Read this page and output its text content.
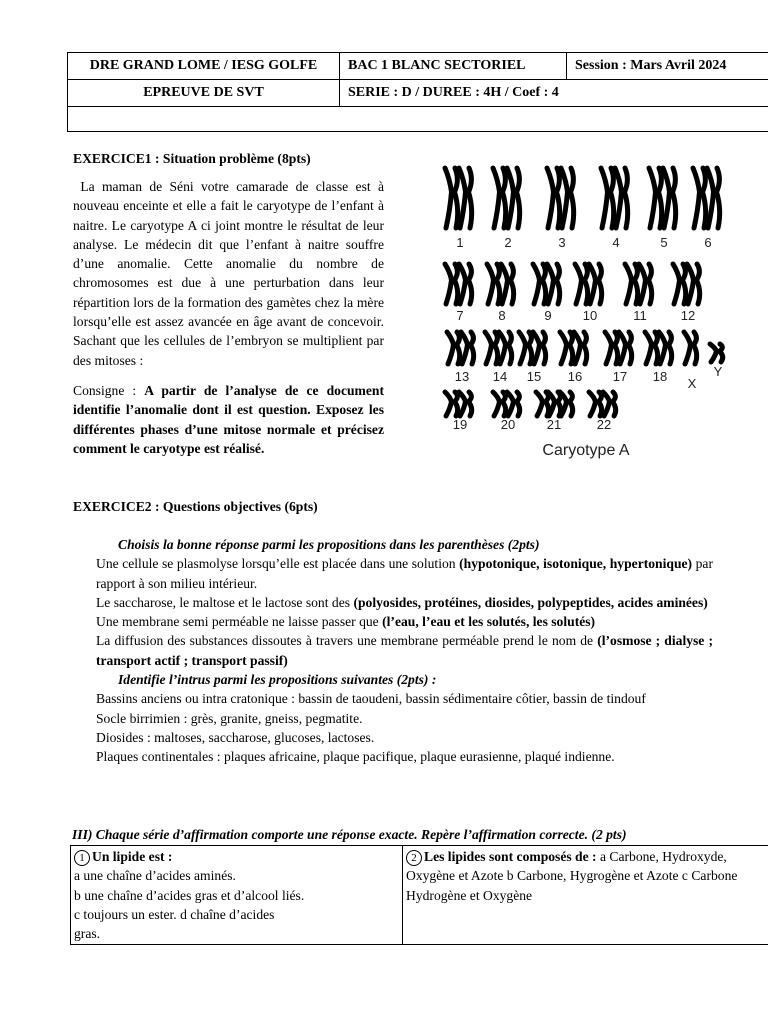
DRE GRAND LOME / IESG GOLFE	BAC 1 BLANC SECTORIEL	Session : Mars Avril 2024
EPREUVE DE SVT	SERIE : D / DUREE : 4H / Coef : 4	

EXERCICE1 : Situation problème (8pts)
La maman de Séni votre camarade de classe est à nouveau enceinte et elle a fait le caryotype de l’enfant à naitre. Le caryotype A ci joint montre le résultat de leur analyse. Le médecin dit que l’enfant à naitre souffre d’une anomalie. Cette anomalie du nombre de chromosomes est due à une perturbation dans leur répartition lors de la formation des gamètes chez la mère lorsqu’elle est assez avancée en âge avant de concevoir. Sachant que les cellules de l’embryon se multiplient par des mitoses :
Consigne : A partir de l’analyse de ce document identifie l’anomalie dont il est question. Exposez les différentes phases d’une mitose normale et précisez comment le caryotype est réalisé.
1	2	3	4	5	6
7	8	9 10	11	12
13 14 15 16 17 18 X
Y
19	20 21	22
Caryotype A
EXERCICE2 : Questions objectives (6pts)

Choisis la bonne réponse parmi les propositions dans les parenthèses (2pts)

Une cellule se plasmolyse lorsqu’elle est placée dans une solution (hypotonique, isotonique, hypertonique) par rapport à son milieu intérieur.

Le saccharose, le maltose et le lactose sont des (polyosides, protéines, diosides, polypeptides, acides aminées)

Une membrane semi perméable ne laisse passer que (l’eau, l’eau et les solutés, les solutés)

La diffusion des substances dissoutes à travers une membrane perméable prend le nom de (l’osmose ; dialyse ; transport actif ; transport passif)

Identifie l’intrus parmi les propositions suivantes (2pts) :

Bassins anciens ou intra cratonique : bassin de taoudeni, bassin sédimentaire côtier, bassin de tindouf

Socle birrimien : grès, granite, gneiss, pegmatite.

Diosides : maltoses, saccharose, glucoses, lactoses.

Plaques continentales : plaques africaine, plaque pacifique, plaque eurasienne, plaqué indienne.

III) Chaque série d’affirmation comporte une réponse exacte. Repère l’affirmation correcte. (2 pts)
1 Un lipide est :
a une chaîne d’acides aminés.
b une chaîne d’acides gras et d’alcool liés.
c toujours un ester. d chaîne d’acides
gras.
	2 Les lipides sont composés de : a Carbone, Hydroxyde, Oxygène et Azote b Carbone, Hygrogène et Azote c Carbone Hydrogène et Oxygène
